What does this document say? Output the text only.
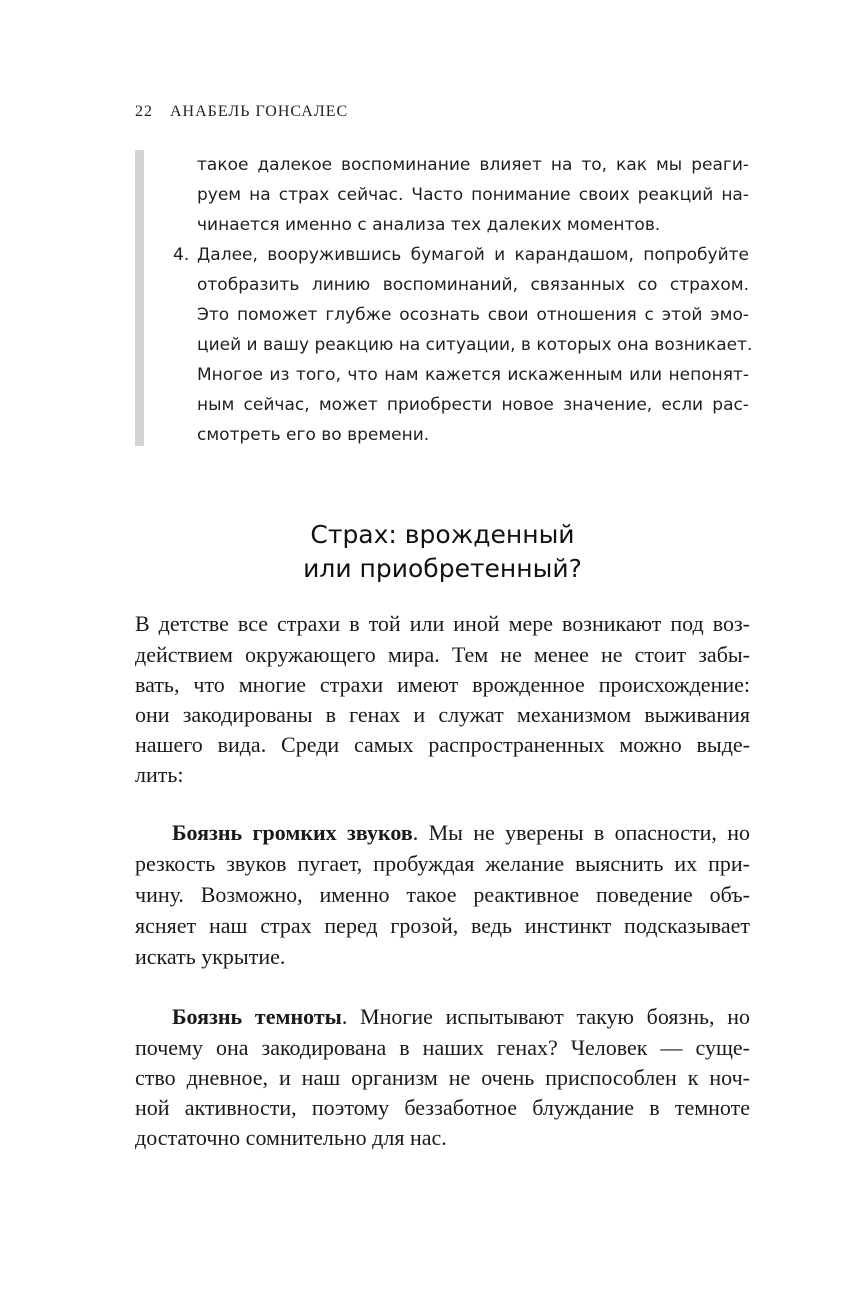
22 АНАБЕЛЬ ГОНСАЛЕС
такое далекое воспоминание влияет на то, как мы реаги-
руем на страх сейчас. Часто понимание своих реакций на-
чинается именно с анализа тех далеких моментов.
4. Далее, вооружившись бумагой и карандашом, попробуйте
отобразить линию воспоминаний, связанных со страхом.
Это поможет глубже осознать свои отношения с этой эмо-
цией и вашу реакцию на ситуации, в которых она возникает.
Многое из того, что нам кажется искаженным или непонят-
ным сейчас, может приобрести новое значение, если рас-
смотреть его во времени.
Страх: врожденный
или приобретенный?
В детстве все страхи в той или иной мере возникают под воз-
действием окружающего мира. Тем не менее не стоит забы-
вать, что многие страхи имеют врожденное происхождение:
они закодированы в генах и служат механизмом выживания
нашего вида. Среди самых распространенных можно выде-
лить:
Боязнь громких звуков. Мы не уверены в опасности, но
резкость звуков пугает, пробуждая желание выяснить их при-
чину. Возможно, именно такое реактивное поведение объ-
ясняет наш страх перед грозой, ведь инстинкт подсказывает
искать укрытие.
Боязнь темноты. Многие испытывают такую боязнь, но
почему она закодирована в наших генах? Человек — суще-
ство дневное, и наш организм не очень приспособлен к ноч-
ной активности, поэтому беззаботное блуждание в темноте
достаточно сомнительно для нас.
